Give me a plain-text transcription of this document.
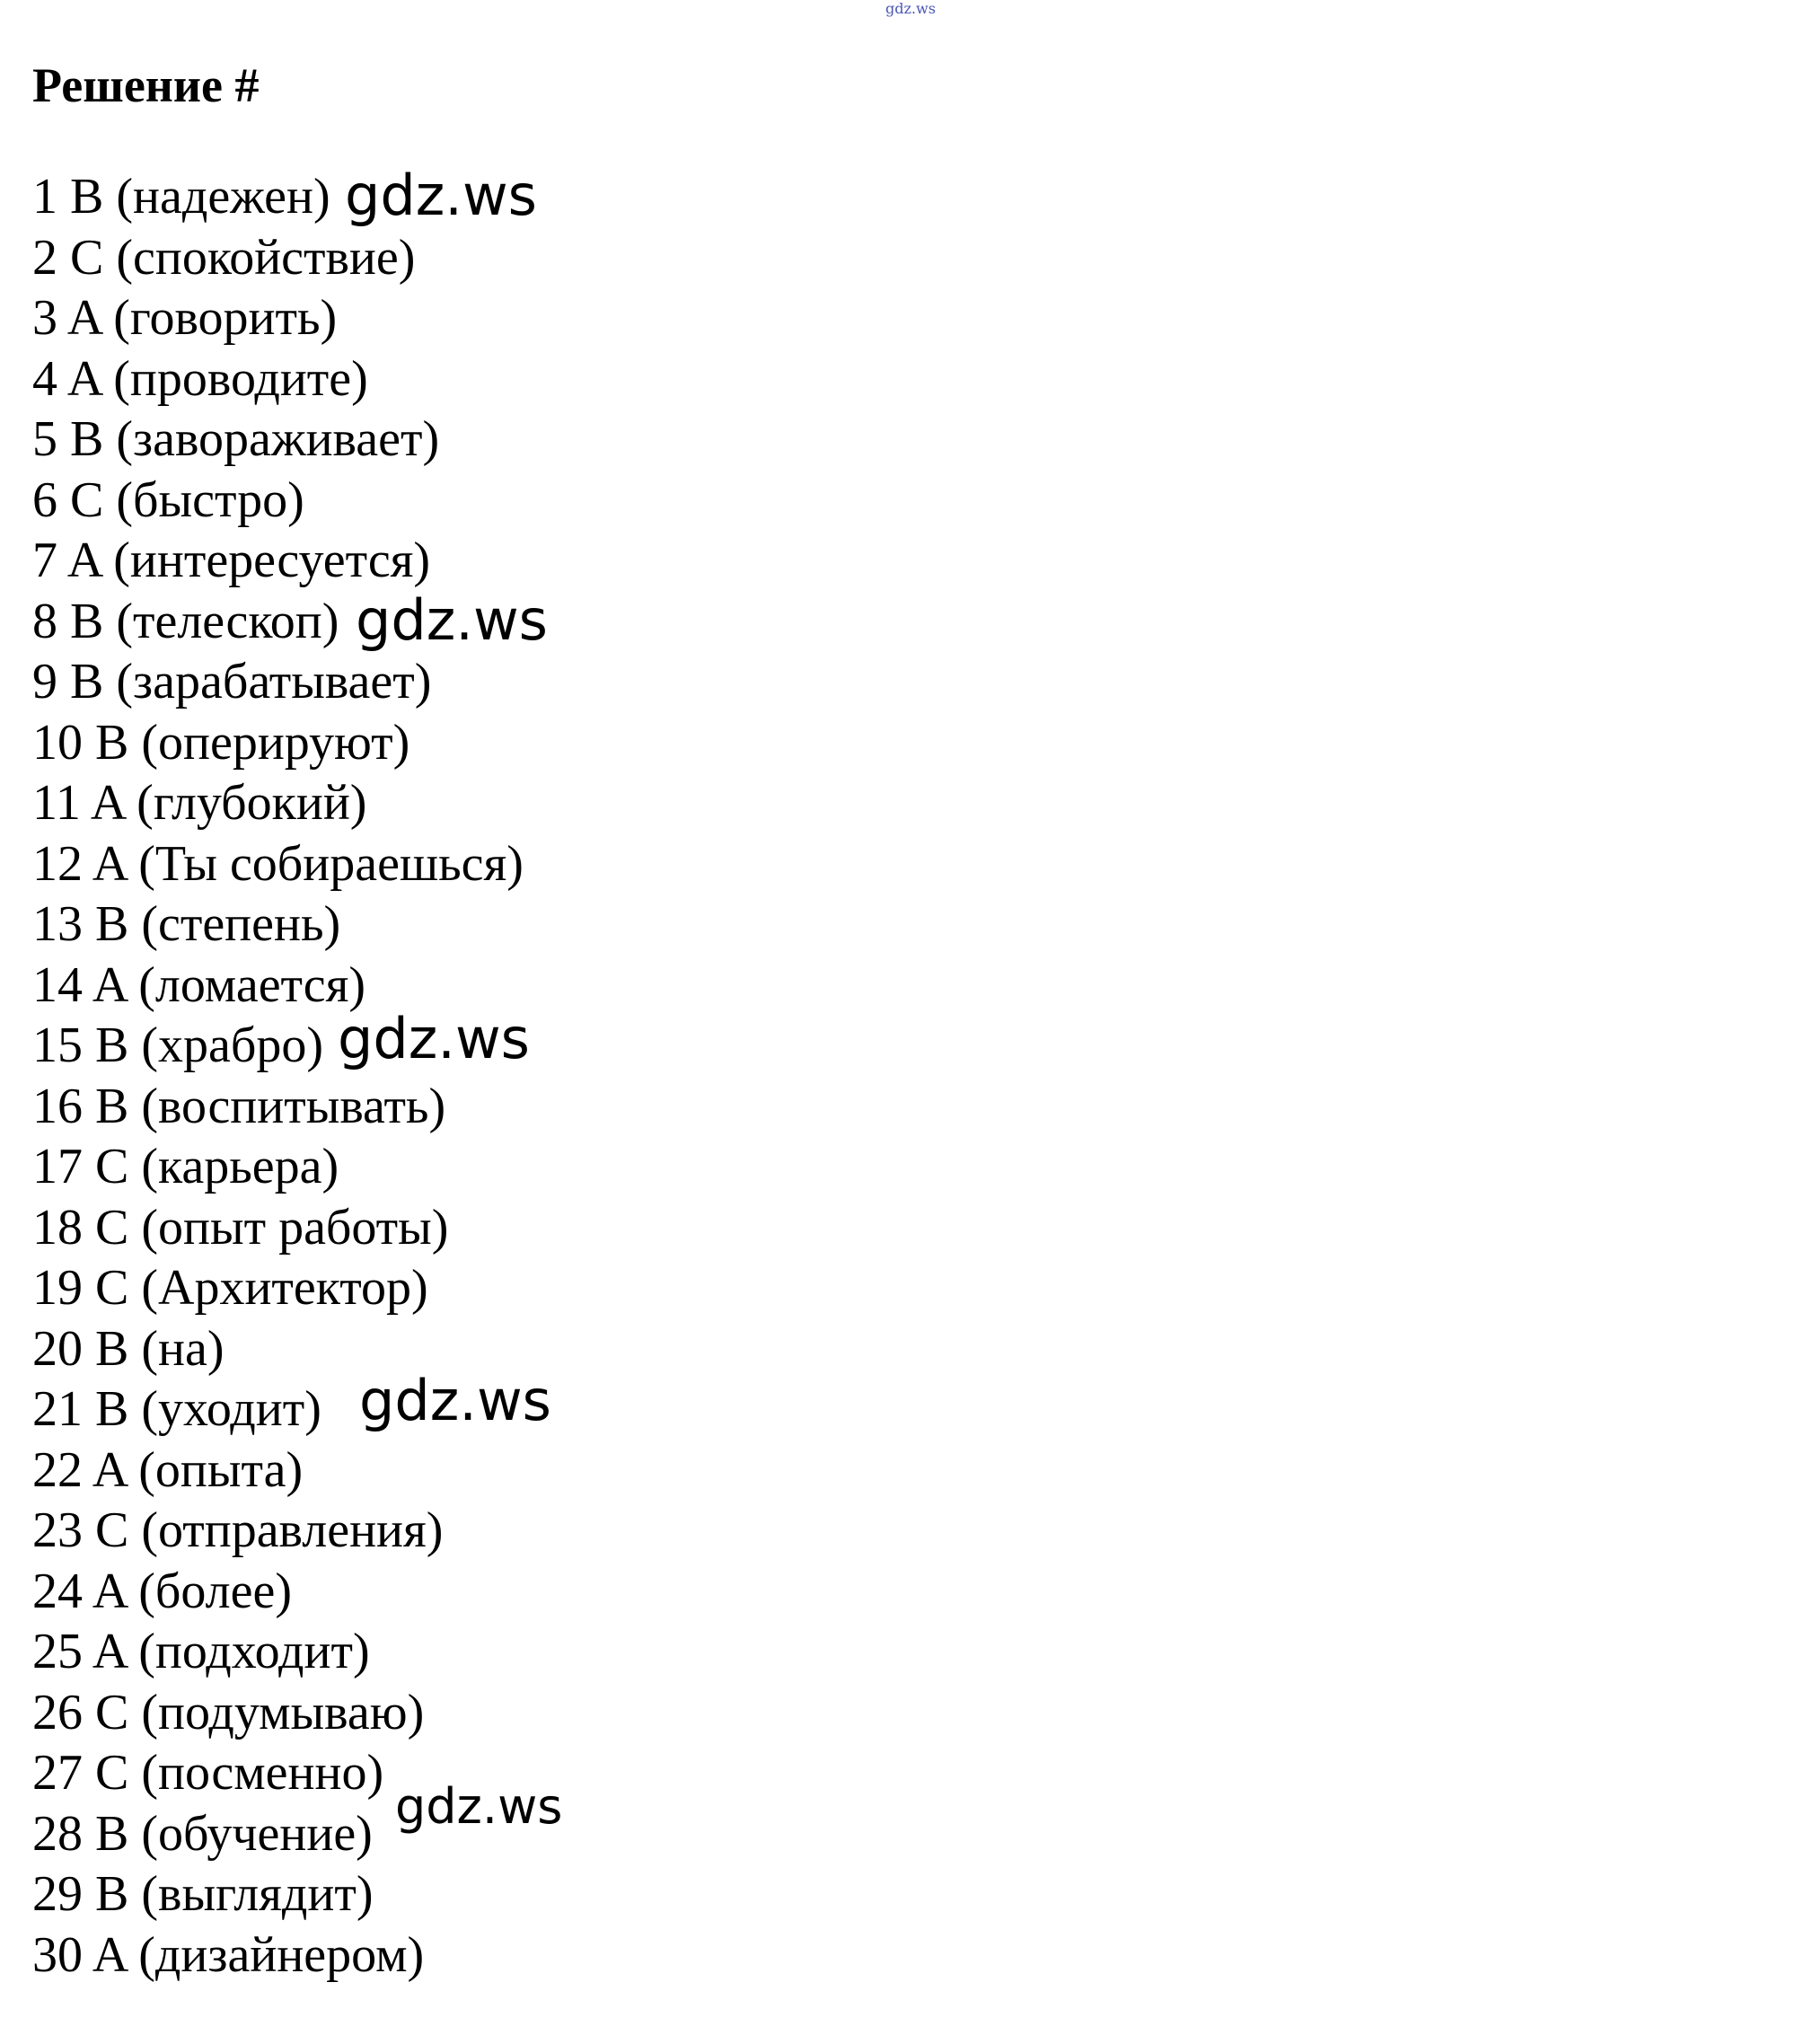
gdz.ws
Решение #
1 B (надежен)
2 C (спокойствие)
3 A (говорить)
4 A (проводите)
5 B (завораживает)
6 C (быстро)
7 A (интересуется)
8 B (телескоп)
9 B (зарабатывает)
10 B (оперируют)
11 A (глубокий)
12 A (Ты собираешься)
13 B (степень)
14 A (ломается)
15 B (храбро)
16 B (воспитывать)
17 C (карьера)
18 C (опыт работы)
19 C (Архитектор)
20 B (на)
21 B (уходит)
22 A (опыта)
23 C (отправления)
24 A (более)
25 A (подходит)
26 C (подумываю)
27 C (посменно)
28 B (обучение)
29 B (выглядит)
30 A (дизайнером)
gdz.ws
gdz.ws
gdz.ws
gdz.ws
gdz.ws
